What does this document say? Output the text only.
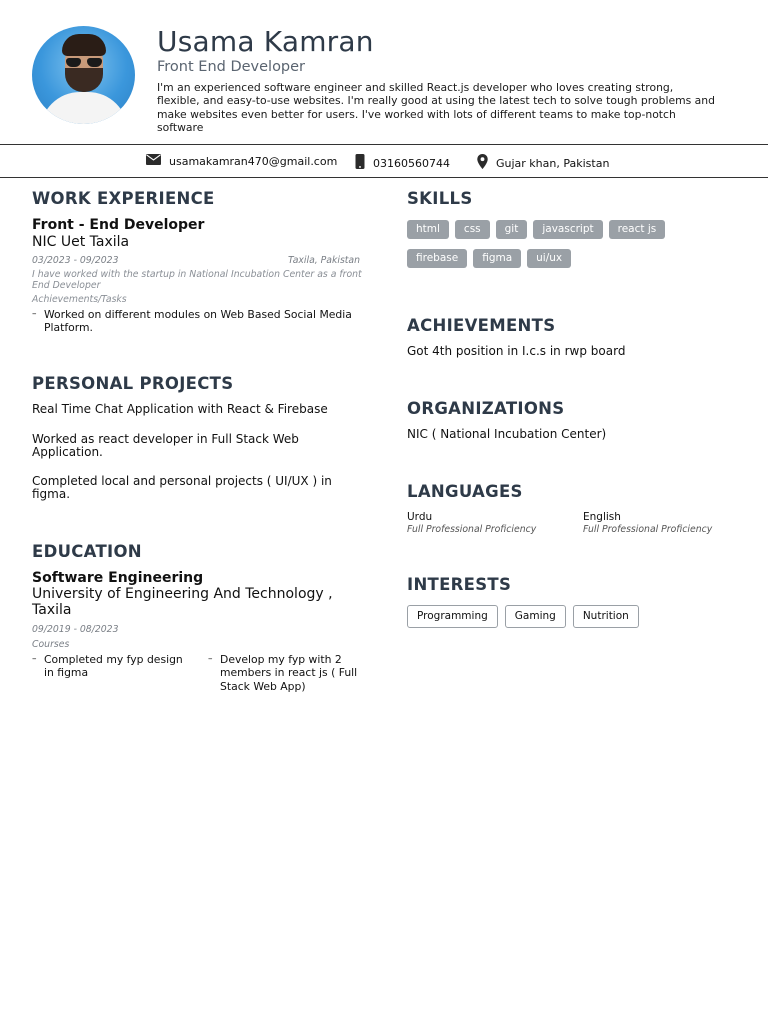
Usama Kamran
Front End Developer

I'm an experienced software engineer and skilled React.js developer who loves creating strong, flexible, and easy-to-use websites. I'm really good at using the latest tech to solve tough problems and make websites even better for users. I've worked with lots of different teams to make top-notch software

usamakamran470@gmail.com	03160560744	Gujar khan, Pakistan
WORK EXPERIENCE
Front - End Developer
NIC Uet Taxila
03/2023 - 09/2023	Taxila, Pakistan
I have worked with the startup in National Incubation Center as a front End Developer
Achievements/Tasks
– Worked on different modules on Web Based Social Media Platform.
PERSONAL PROJECTS
Real Time Chat Application with React & Firebase
Worked as react developer in Full Stack Web Application.
Completed local and personal projects ( UI/UX ) in figma.
EDUCATION
Software Engineering
University of Engineering And Technology , Taxila
09/2019 - 08/2023
Courses
– Completed my fyp design in figma
– Develop my fyp with 2 members in react js ( Full Stack Web App)
SKILLS
html	css	git	javascript	react js
firebase	figma	ui/ux
ACHIEVEMENTS
Got 4th position in I.c.s in rwp board
ORGANIZATIONS
NIC ( National Incubation Center)
LANGUAGES
Urdu
Full Professional Proficiency
English
Full Professional Proficiency
INTERESTS
Programming	Gaming	Nutrition
